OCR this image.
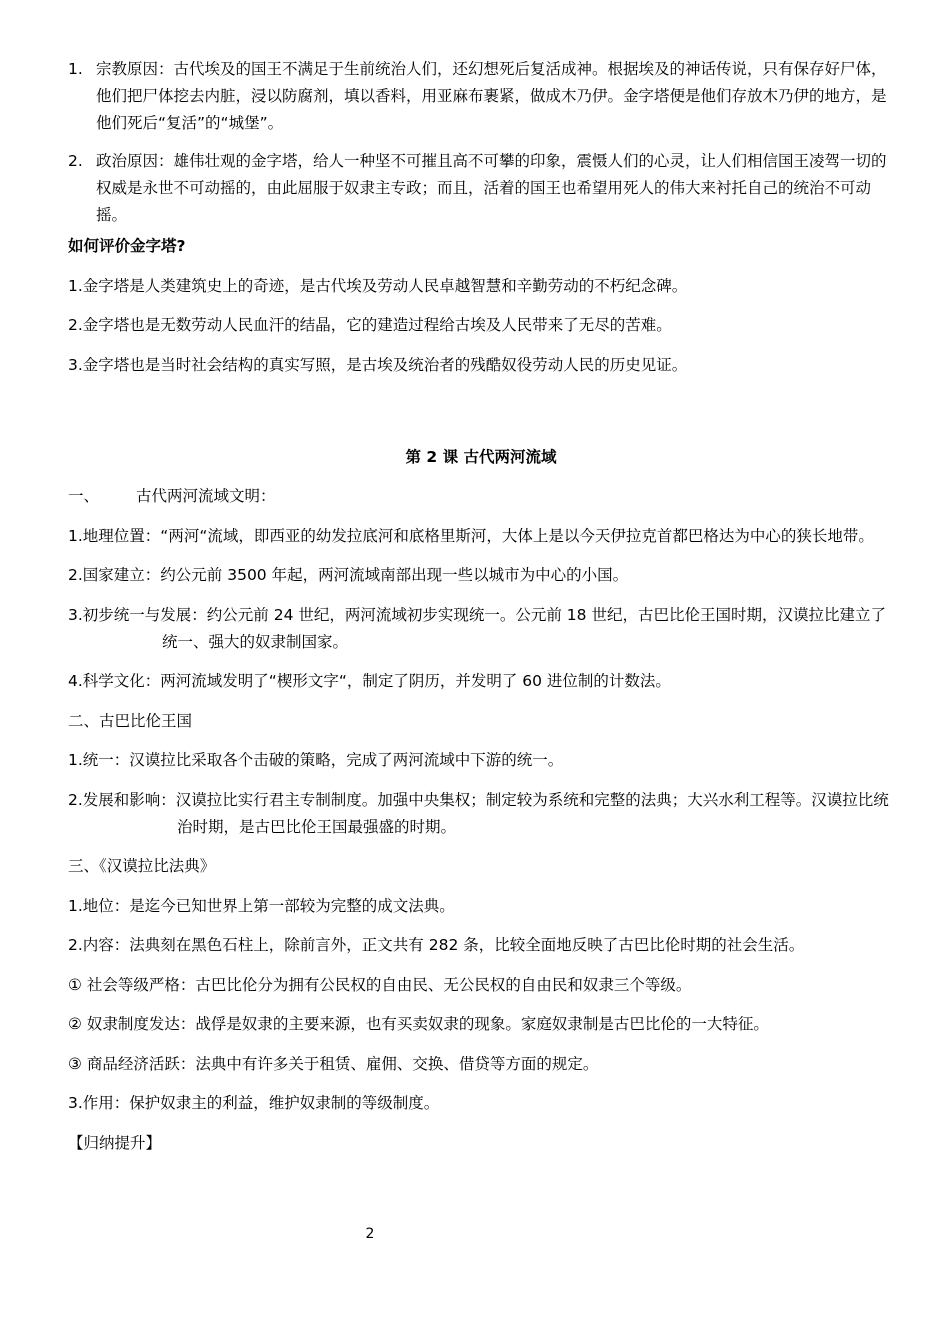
1. 宗教原因：古代埃及的国王不满足于生前统治人们，还幻想死后复活成神。根据埃及的神话传说，只有保存好尸体，他们把尸体挖去内脏，浸以防腐剂，填以香料，用亚麻布裹紧，做成木乃伊。金字塔便是他们存放木乃伊的地方，是他们死后“复活”的“城堡”。
2. 政治原因：雄伟壮观的金字塔，给人一种坚不可摧且高不可攀的印象，震慑人们的心灵，让人们相信国王凌驾一切的权威是永世不可动摇的，由此屈服于奴隶主专政；而且，活着的国王也希望用死人的伟大来衬托自己的统治不可动摇。

如何评价金字塔?

1.金字塔是人类建筑史上的奇迹，是古代埃及劳动人民卓越智慧和辛勤劳动的不朽纪念碑。

2.金字塔也是无数劳动人民血汗的结晶，它的建造过程给古埃及人民带来了无尽的苦难。

3.金字塔也是当时社会结构的真实写照，是古埃及统治者的残酷奴役劳动人民的历史见证。

第 2 课 古代两河流域

一、 古代两河流域文明：

1.地理位置：“两河“流域，即西亚的幼发拉底河和底格里斯河，大体上是以今天伊拉克首都巴格达为中心的狭长地带。

2.国家建立：约公元前 3500 年起，两河流域南部出现一些以城市为中心的小国。

3.初步统一与发展：约公元前 24 世纪，两河流域初步实现统一。公元前 18 世纪，古巴比伦王国时期，汉谟拉比建立了统一、强大的奴隶制国家。

4.科学文化：两河流域发明了“楔形文字“，制定了阴历，并发明了 60 进位制的计数法。

二、古巴比伦王国

1.统一：汉谟拉比采取各个击破的策略，完成了两河流域中下游的统一。

2.发展和影响：汉谟拉比实行君主专制制度。加强中央集权；制定较为系统和完整的法典；大兴水利工程等。汉谟拉比统治时期，是古巴比伦王国最强盛的时期。

三、《汉谟拉比法典》

1.地位：是迄今已知世界上第一部较为完整的成文法典。

2.内容：法典刻在黑色石柱上，除前言外，正文共有 282 条，比较全面地反映了古巴比伦时期的社会生活。

① 社会等级严格：古巴比伦分为拥有公民权的自由民、无公民权的自由民和奴隶三个等级。

② 奴隶制度发达：战俘是奴隶的主要来源，也有买卖奴隶的现象。家庭奴隶制是古巴比伦的一大特征。

③ 商品经济活跃：法典中有许多关于租赁、雇佣、交换、借贷等方面的规定。

3.作用：保护奴隶主的利益，维护奴隶制的等级制度。

【归纳提升】

2
